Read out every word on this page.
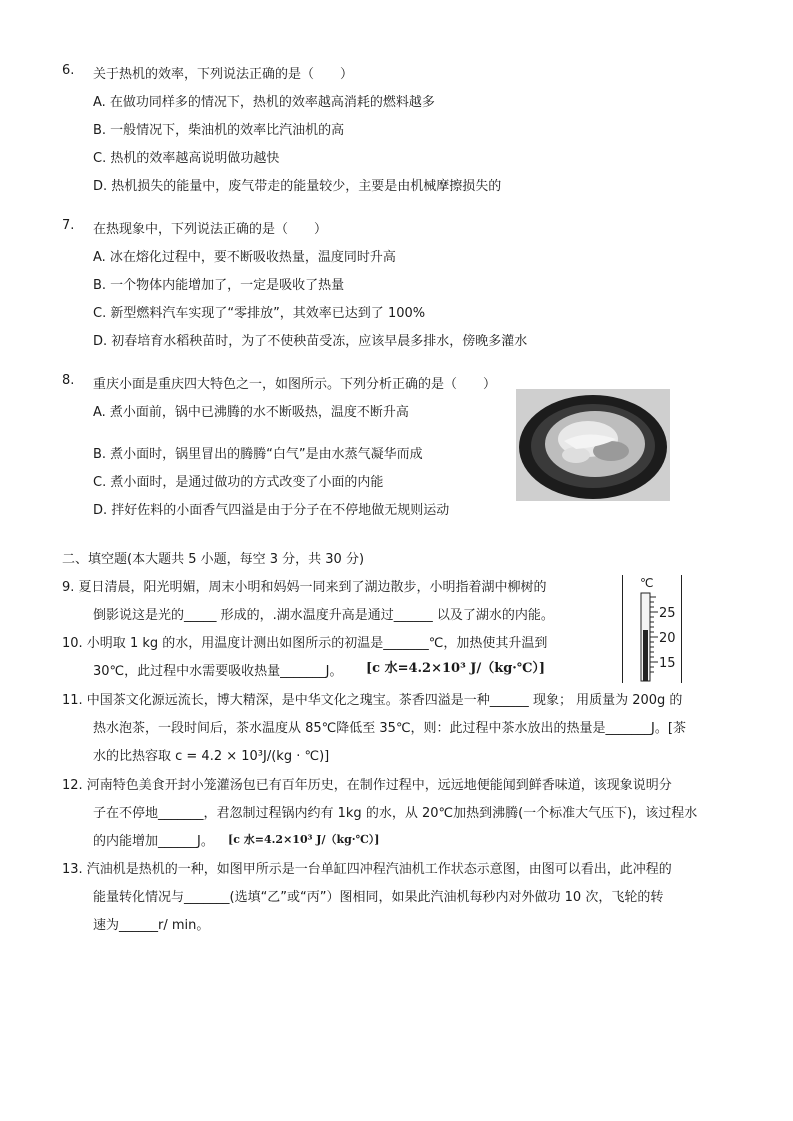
6. 关于热机的效率，下列说法正确的是（　　）
A. 在做功同样多的情况下，热机的效率越高消耗的燃料越多
B. 一般情况下，柴油机的效率比汽油机的高
C. 热机的效率越高说明做功越快
D. 热机损失的能量中，废气带走的能量较少，主要是由机械摩擦损失的
7. 在热现象中，下列说法正确的是（　　）
A. 冰在熔化过程中，要不断吸收热量，温度同时升高
B. 一个物体内能增加了，一定是吸收了热量
C. 新型燃料汽车实现了“零排放”，其效率已达到了 100%
D. 初春培育水稻秧苗时，为了不使秧苗受冻，应该早晨多排水，傍晚多灌水
8. 重庆小面是重庆四大特色之一，如图所示。下列分析正确的是（　　）
A. 煮小面前，锅中已沸腾的水不断吸热，温度不断升高
B. 煮小面时，锅里冒出的腾腾“白气”是由水蒸气凝华而成
C. 煮小面时，是通过做功的方式改变了小面的内能
D. 拌好佐料的小面香气四溢是由于分子在不停地做无规则运动
二、填空题(本大题共 5 小题，每空 3 分，共 30 分)
9. 夏日清晨，阳光明媚，周末小明和妈妈一同来到了湖边散步，小明指着湖中柳树的
倒影说这是光的_____ 形成的，.湖水温度升高是通过______ 以及了湖水的内能。
℃
25
20
15
10. 小明取 1 kg 的水，用温度计测出如图所示的初温是_______℃，加热使其升温到
30℃，此过程中水需要吸收热量_______J。 [c 水=4.2×10³ J/（kg·℃）]
11. 中国茶文化源远流长，博大精深，是中华文化之瑰宝。茶香四溢是一种______ 现象； 用质量为 200g 的
热水泡茶，一段时间后，茶水温度从 85℃降低至 35℃，则：此过程中茶水放出的热量是_______J。[茶
水的比热容取 c = 4.2 × 10³J/(kg · ℃)]
12. 河南特色美食开封小笼灌汤包已有百年历史，在制作过程中，远远地便能闻到鲜香味道，该现象说明分
子在不停地_______，君忽制过程锅内约有 1kg 的水，从 20℃加热到沸腾(一个标准大气压下)，该过程水
的内能增加______J。 [c 水=4.2×10³ J/（kg·℃）]
13. 汽油机是热机的一种，如图甲所示是一台单缸四冲程汽油机工作状态示意图，由图可以看出，此冲程的
能量转化情况与_______(选填“乙”或“丙”）图相同，如果此汽油机每秒内对外做功 10 次，飞轮的转
速为______r/ min。
